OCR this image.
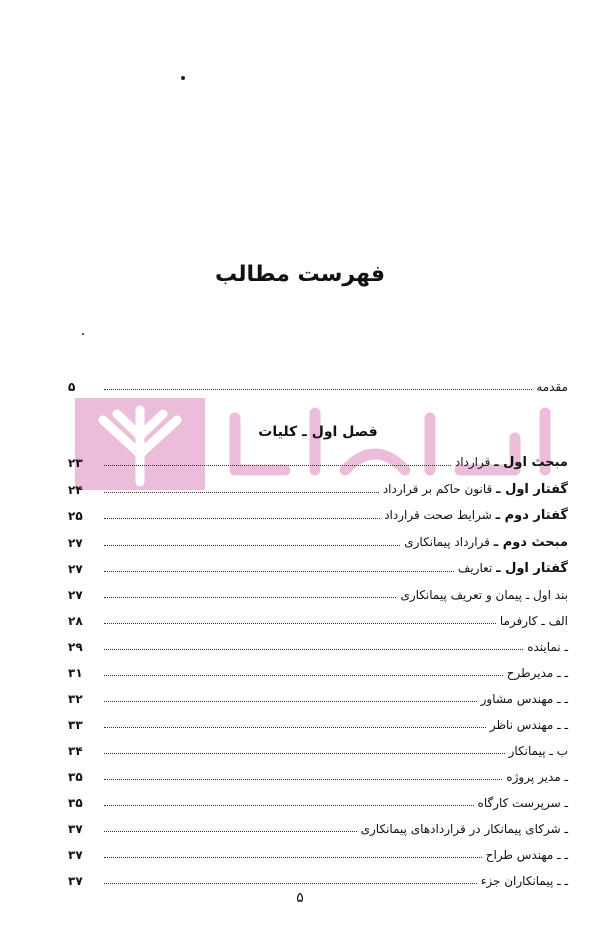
فهرست مطالب
مقدمه
۵
فصل اول ـ کلیات
مبحث اول ـ قرارداد
۲۳
گفتار اول ـ قانون حاکم بر قرارداد
۲۴
گفتار دوم ـ شرایط صحت قرارداد
۲۵
مبحث دوم ـ قرارداد پیمانکاری
۲۷
گفتار اول ـ تعاریف
۲۷
بند اول ـ پیمان و تعریف پیمانکاری
۲۷
الف ـ کارفرما
۲۸
ـ نماینده
۲۹
ـ ـ مدیرطرح
۳۱
ـ ـ مهندس مشاور
۳۲
ـ ـ مهندس ناظر
۳۳
ب ـ پیمانکار
۳۴
ـ مدیر پروژه
۳۵
ـ سرپرست کارگاه
۳۵
ـ شرکای پیمانکار در قراردادهای پیمانکاری
۳۷
ـ ـ مهندس طراح
۳۷
ـ ـ پیمانکاران جزء
۳۷
۵
